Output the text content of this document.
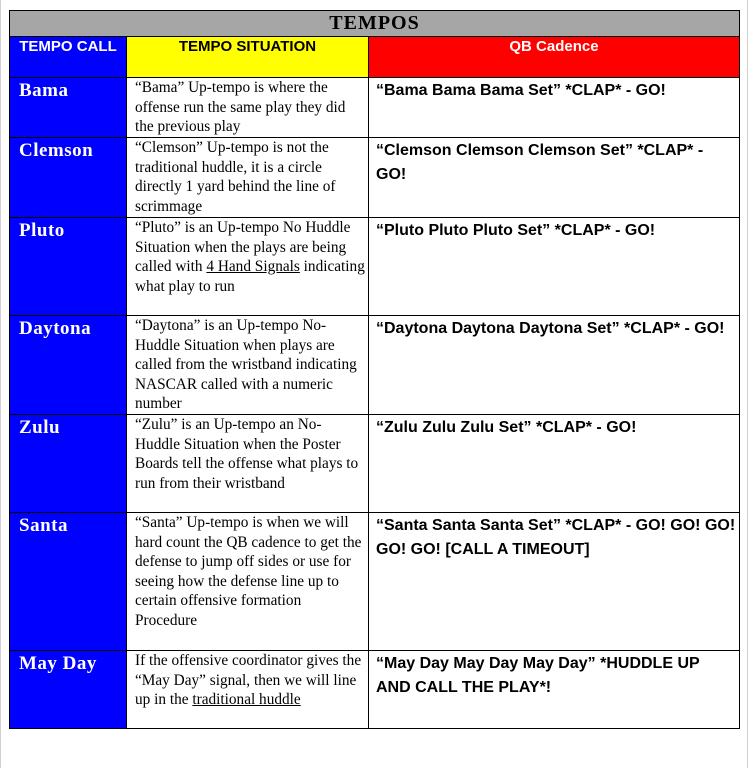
TEMPOS		
TEMPO CALL	TEMPO SITUATION	QB Cadence
Bama	“Bama” Up-tempo is where the offense run the same play they did the previous play	“Bama Bama Bama Set” *CLAP* - GO!
Clemson	“Clemson” Up-tempo is not the traditional huddle, it is a circle directly 1 yard behind the line of scrimmage	“Clemson Clemson Clemson Set” *CLAP* - GO!
Pluto	“Pluto” is an Up-tempo No Huddle Situation when the plays are being called with 4 Hand Signals indicating what play to run	“Pluto Pluto Pluto Set” *CLAP* - GO!
Daytona	“Daytona” is an Up-tempo No-Huddle Situation when plays are called from the wristband indicating NASCAR called with a numeric number	“Daytona Daytona Daytona Set” *CLAP* - GO!
Zulu	“Zulu” is an Up-tempo an No-Huddle Situation when the Poster Boards tell the offense what plays to run from their wristband	“Zulu Zulu Zulu Set” *CLAP* - GO!
Santa	“Santa” Up-tempo is when we will hard count the QB cadence to get the defense to jump off sides or use for seeing how the defense line up to certain offensive formation Procedure	“Santa Santa Santa Set” *CLAP* - GO! GO! GO! GO! GO! [CALL A TIMEOUT]
May Day	If the offensive coordinator gives the “May Day” signal, then we will line up in the traditional huddle	“May Day May Day May Day” *HUDDLE UP AND CALL THE PLAY*!
